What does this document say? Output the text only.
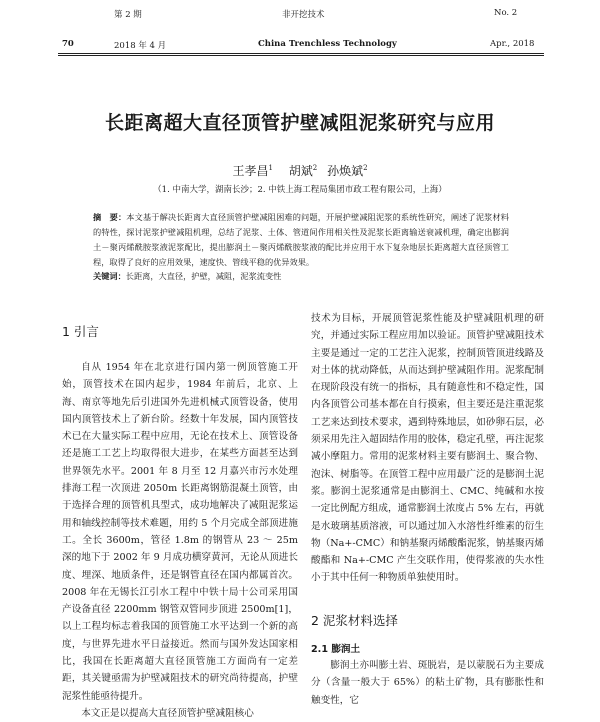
第 2 期	非开挖技术	No. 2
70	2018 年 4 月	China Trenchless Technology	Apr., 2018
长距离超大直径顶管护壁减阻泥浆研究与应用
王孝昌$^1$   胡斌$^2$   孙焕斌$^2$
（1. 中南大学，湖南长沙；2. 中铁上海工程局集团市政工程有限公司，上海）
摘　要：本文基于解决长距离大直径顶管护壁减阻困难的问题，开展护壁减阻泥浆的系统性研究，阐述了泥浆材料的特性，探讨泥浆护壁减阻机理，总结了泥浆、土体、管道间作用相关性及泥浆长距离输送衰减机理，确定出膨润土－聚丙烯酰胺浆液泥浆配比，提出膨润土－聚丙烯酰胺浆液的配比并应用于水下复杂地层长距离超大直径顶管工程，取得了良好的应用效果，速度快、管线平稳的优异效果。
关键词：长距离，大直径，护壁，减阻，泥浆流变性
1 引言

自从 1954 年在北京进行国内第一例顶管施工开始，顶管技术在国内起步，1984 年前后，北京、上海、南京等地先后引进国外先进机械式顶管设备，使用国内顶管技术上了新台阶。经数十年发展，国内顶管技术已在大量实际工程中应用，无论在技术上、顶管设备还是施工工艺上均取得很大进步，在某些方面甚至达到世界领先水平。2001 年 8 月至 12 月嘉兴市污水处理排海工程一次顶进 2050m 长距离钢筋混凝土顶管，由于选择合理的顶管机具型式，成功地解决了减阻泥浆运用和轴线控制等技术难题，用约 5 个月完成全部顶进施工。全长 3600m，管径 1.8m 的钢管从 23 ～ 25m 深的地下于 2002 年 9 月成功横穿黄河，无论从顶进长度、埋深、地质条件，还是钢管直径在国内都属首次。2008 年在无锡长江引水工程中中铁十局十公司采用国产设备直径 2200mm 钢管双管同步顶进 2500m[1]，以上工程均标志着我国的顶管施工水平达到一个新的高度，与世界先进水平日益接近。然而与国外发达国家相比，我国在长距离超大直径顶管施工方面尚有一定差距，其关键亟需为护壁减阻技术的研究尚待提高，护壁泥浆性能亟待提升。

本文正是以提高大直径顶管护壁减阻核心

技术为目标，开展顶管泥浆性能及护壁减阻机理的研究，并通过实际工程应用加以验证。顶管护壁减阻技术主要是通过一定的工艺注入泥浆，控制顶管顶进线路及对土体的扰动降低，从而达到护壁减阻作用。泥浆配制在现阶段没有统一的指标，具有随意性和不稳定性，国内各顶管公司基本都在自行摸索，但主要还是注重泥浆工艺来达到技术要求，遇到特殊地层，如砂卵石层，必须采用先注入超固结作用的胶体，稳定孔壁，再注泥浆减小摩阻力。常用的泥浆材料主要有膨润土、聚合物、泡沫、树脂等。在顶管工程中应用最广泛的是膨润土泥浆。膨润土泥浆通常是由膨润土、CMC、纯碱和水按一定比例配方组成，通常膨润土浓度占 5% 左右，再就是水玻璃基质溶液，可以通过加入水溶性纤维素的衍生物（Na+-CMC）和钠基聚丙烯酸酯泥浆，钠基聚丙烯酸酯和 Na+-CMC 产生交联作用，使得浆液的失水性小于其中任何一种物质单独使用时。

2 泥浆材料选择
2.1 膨润土

膨润土亦叫膨土岩、斑脱岩，是以蒙脱石为主要成分（含量一般大于 65%）的粘土矿物，具有膨胀性和触变性，它
